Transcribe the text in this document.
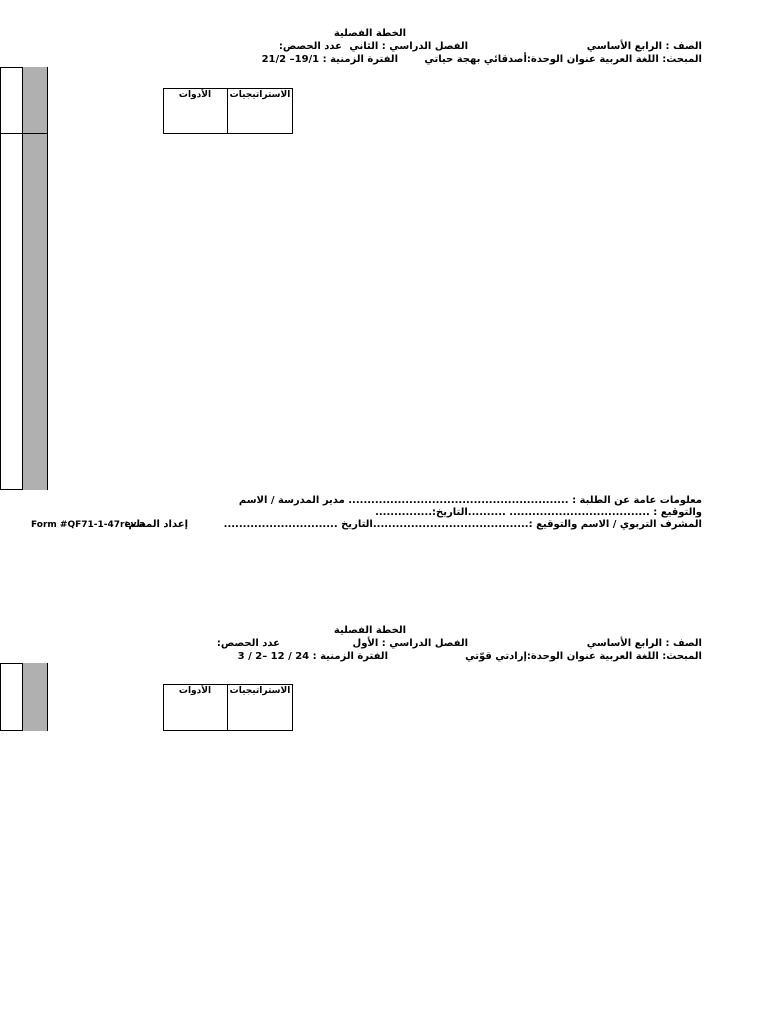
الخطة الفصلية
الصف : الرابع الأساسي
الفصل الدراسي : الثاني
عدد الحصص:
المبحث: اللغة العربية عنوان الوحدة:أصدقائي بهجة حياتي
الفترة الزمنية : 19/1– 21/2
الاستراتيجيات
الأدوات
معلومات عامة عن الطلبة : .......................................................... مدير المدرسة / الاسم
والتوقيع : ..................................... ..........التاريخ:...............
المشرف التربوي / الاسم والتوقيع :.........................................التاريخ ..............................
إعداد المعلم:
Form #QF71-1-47rev.a
الخطة الفصلية
الصف : الرابع الأساسي
الفصل الدراسي : الأول
عدد الحصص:
المبحث: اللغة العربية عنوان الوحدة:إرادتي قوّتي
الفترة الزمنية : 24 / 12 –2 / 3
الاستراتيجيات
الأدوات
